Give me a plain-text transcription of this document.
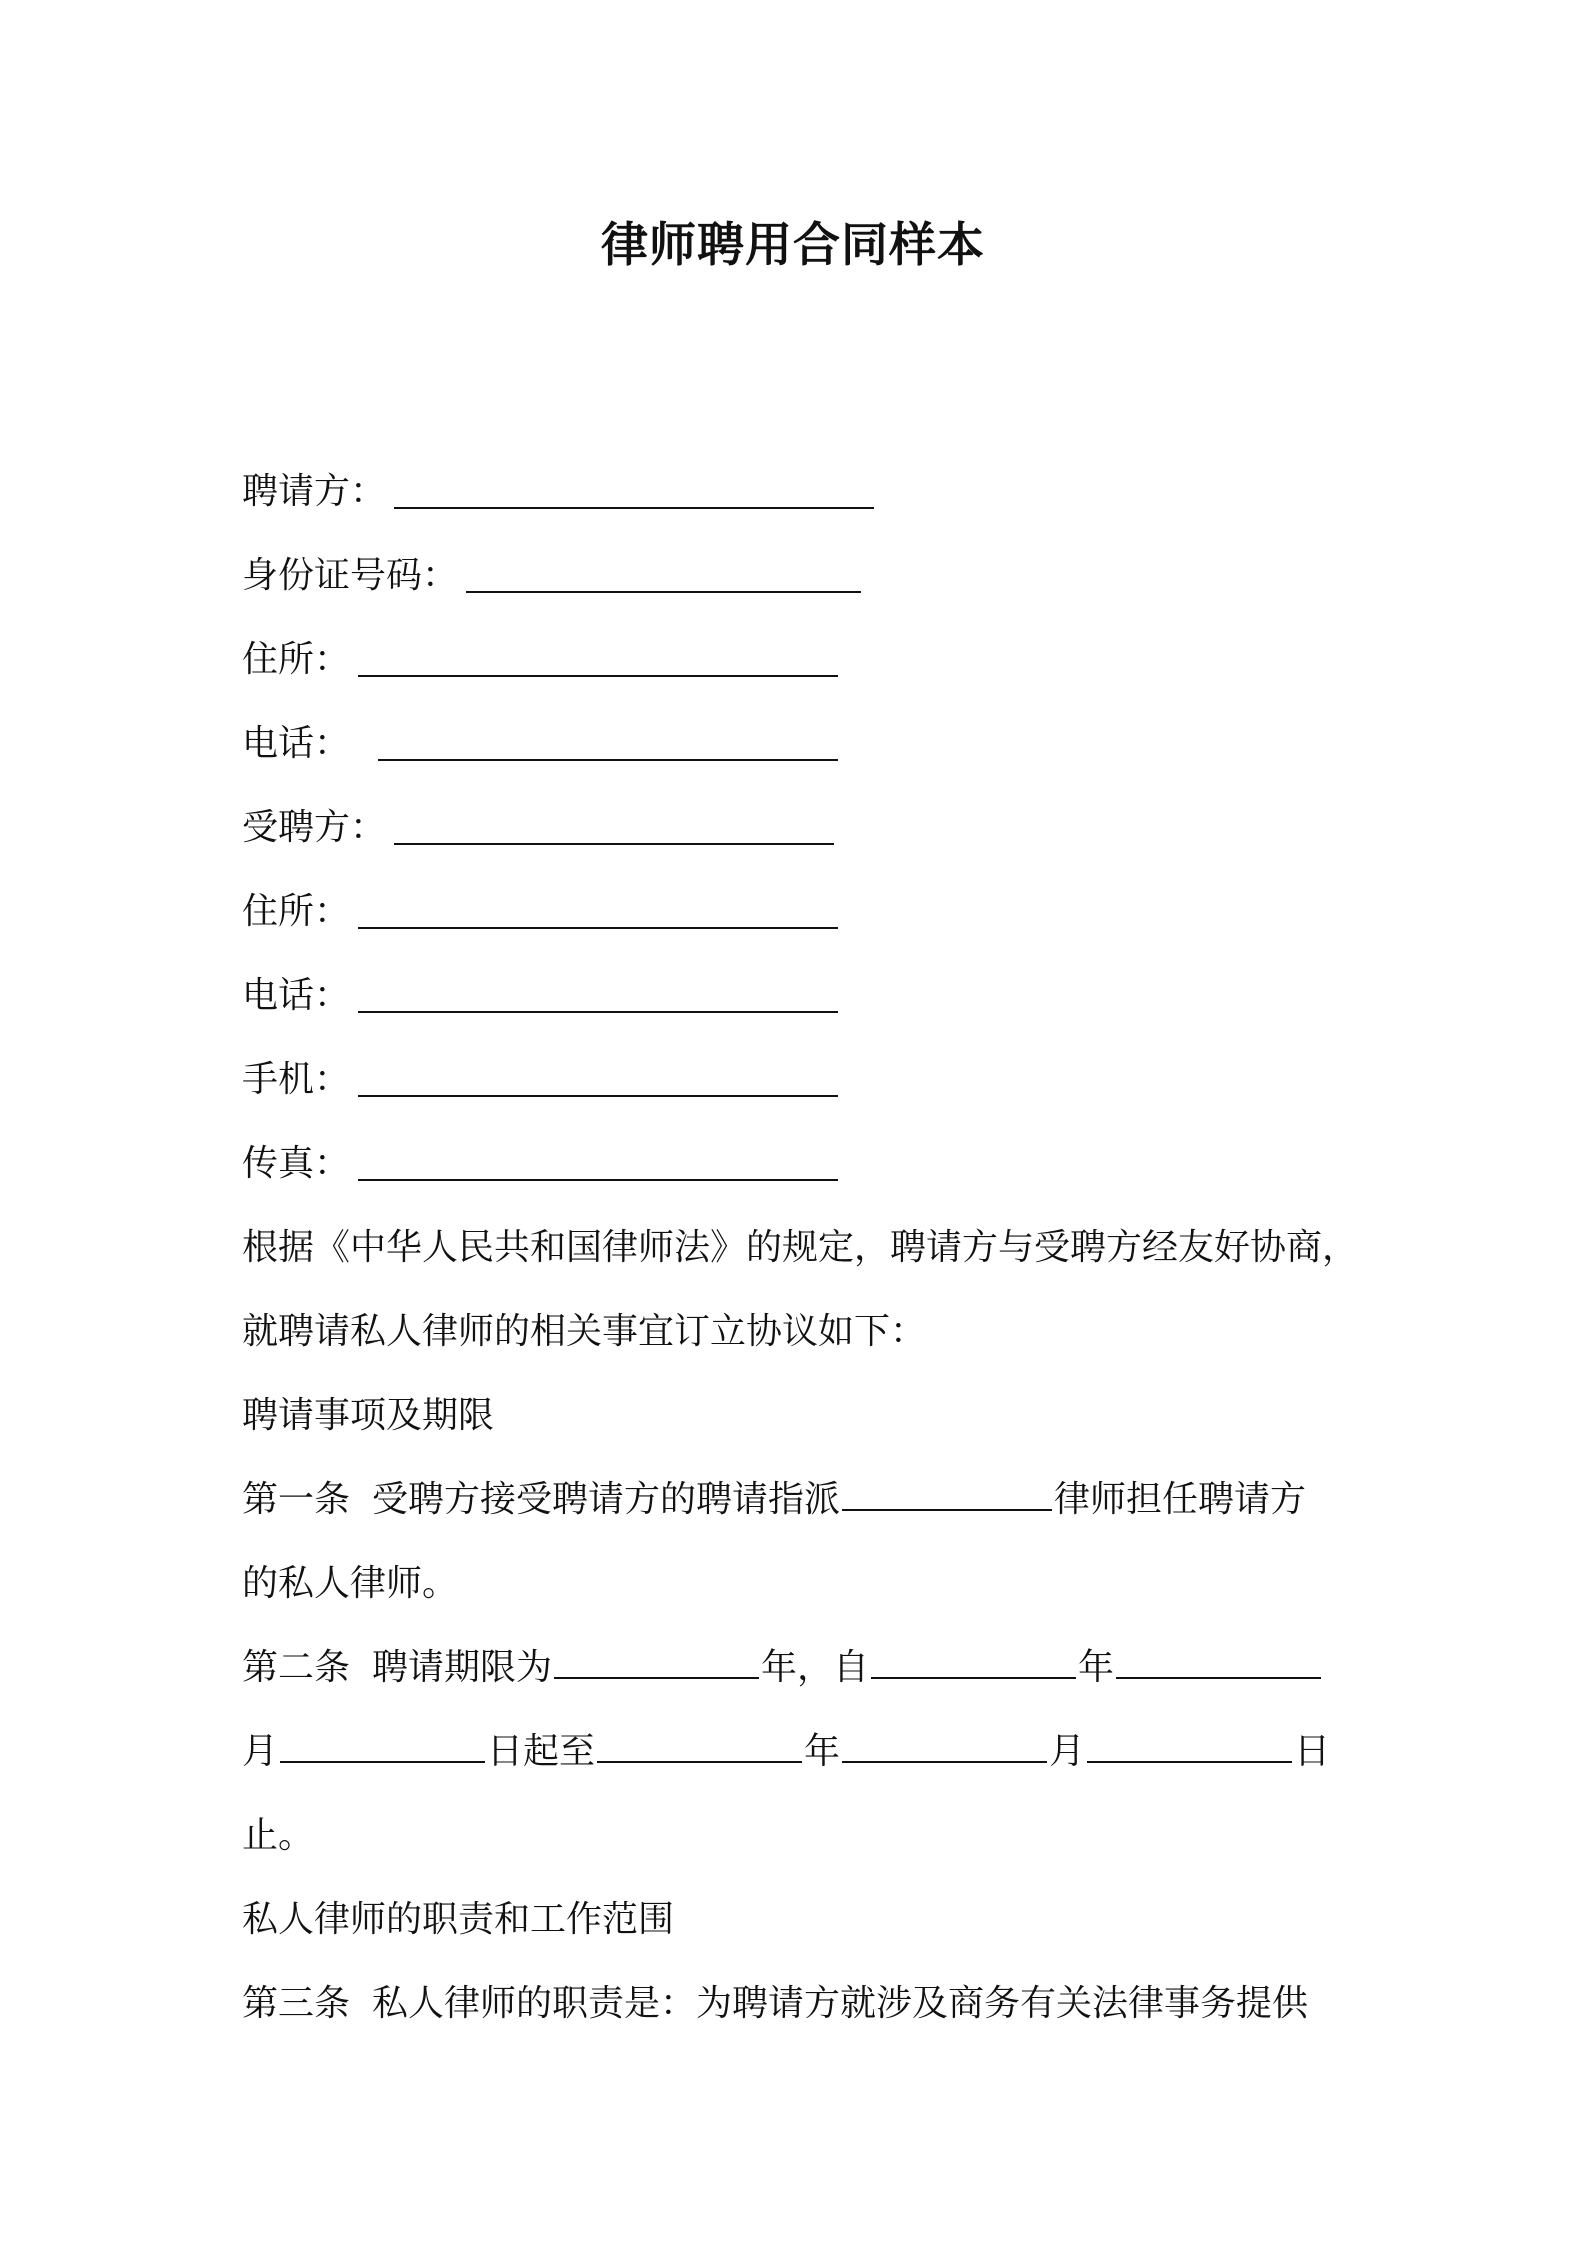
律师聘用合同样本
聘请方：
身份证号码：
住所：
电话：
受聘方：
住所：
电话：
手机：
传真：
根据《中华人民共和国律师法》的规定，聘请方与受聘方经友好协商，
就聘请私人律师的相关事宜订立协议如下：
聘请事项及期限
第一条 受聘方接受聘请方的聘请指派	律师担任聘请方
的私人律师。
第二条 聘请期限为	年，自	年
月	日起至	年	月	日
止。
私人律师的职责和工作范围
第三条 私人律师的职责是：为聘请方就涉及商务有关法律事务提供
